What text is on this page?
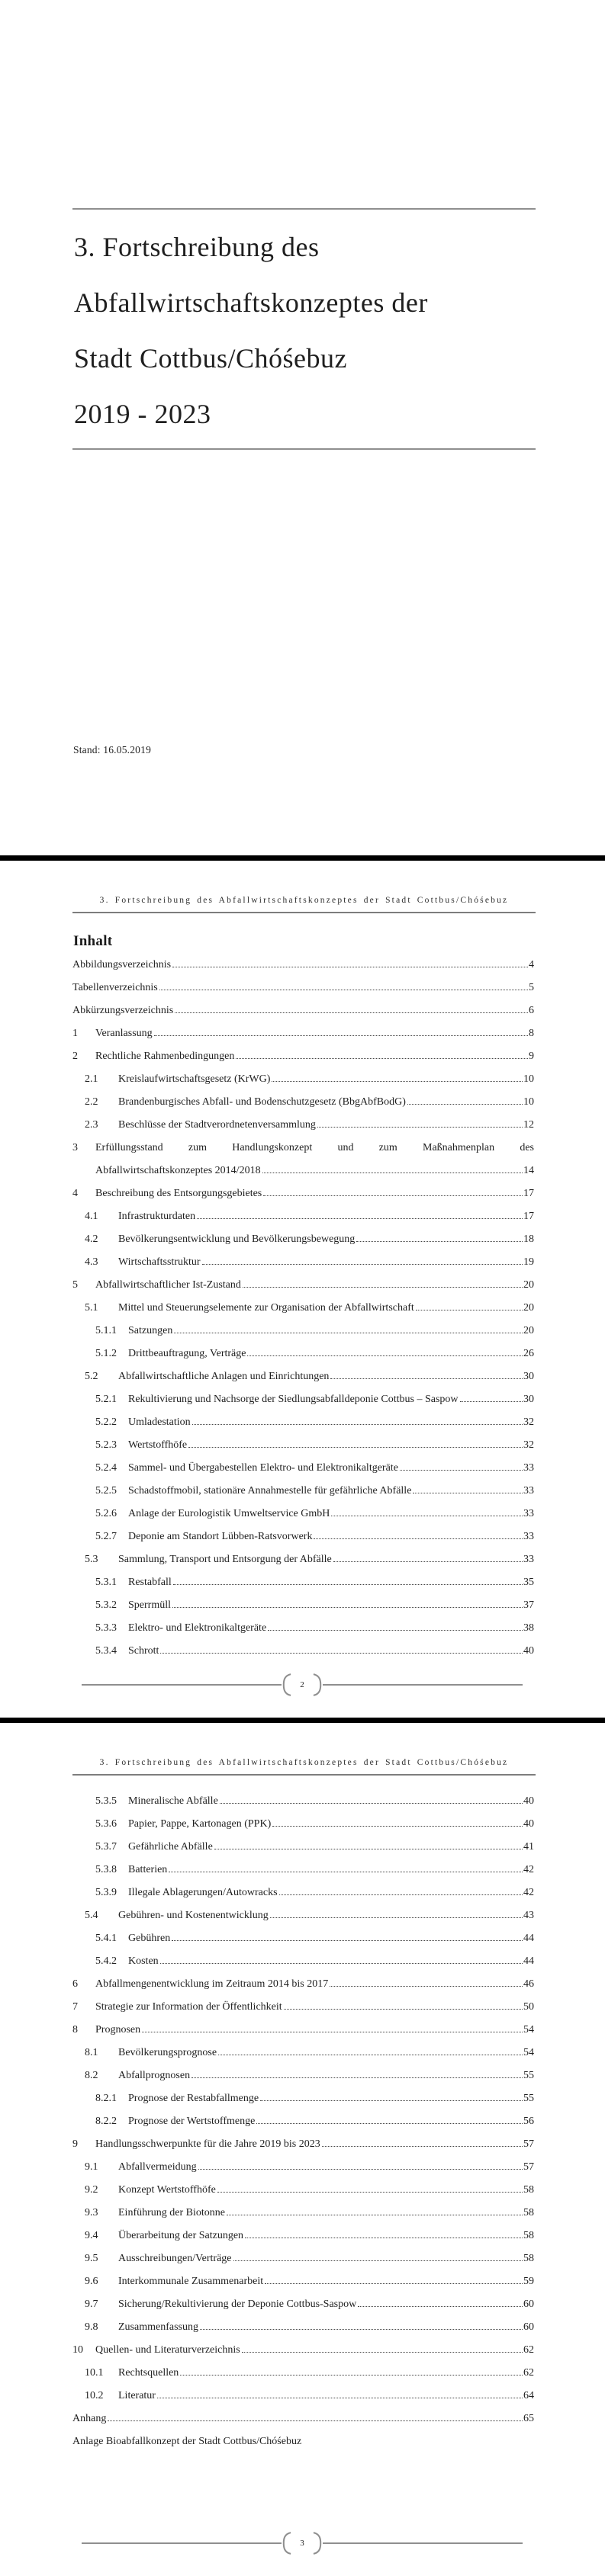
3. Fortschreibung des
Abfallwirtschaftskonzeptes der
Stadt Cottbus/Chóśebuz
2019 - 2023
Stand: 16.05.2019
3. Fortschreibung des Abfallwirtschaftskonzeptes der Stadt Cottbus/Chóśebuz
Inhalt
Abbildungsverzeichnis	4
Tabellenverzeichnis	5
Abkürzungsverzeichnis	6
1	Veranlassung	8
2	Rechtliche Rahmenbedingungen	9
2.1	Kreislaufwirtschaftsgesetz (KrWG)	10
2.2	Brandenburgisches Abfall- und Bodenschutzgesetz (BbgAbfBodG)	10
2.3	Beschlüsse der Stadtverordnetenversammlung	12
3	Erfüllungsstand zum Handlungskonzept und zum Maßnahmenplan des
Abfallwirtschaftskonzeptes 2014/2018	14
4	Beschreibung des Entsorgungsgebietes	17
4.1	Infrastrukturdaten	17
4.2	Bevölkerungsentwicklung und Bevölkerungsbewegung	18
4.3	Wirtschaftsstruktur	19
5	Abfallwirtschaftlicher Ist-Zustand	20
5.1	Mittel und Steuerungselemente zur Organisation der Abfallwirtschaft	20
5.1.1	Satzungen	20
5.1.2	Drittbeauftragung, Verträge	26
5.2	Abfallwirtschaftliche Anlagen und Einrichtungen	30
5.2.1	Rekultivierung und Nachsorge der Siedlungsabfalldeponie Cottbus – Saspow	30
5.2.2	Umladestation	32
5.2.3	Wertstoffhöfe	32
5.2.4	Sammel- und Übergabestellen Elektro- und Elektronikaltgeräte	33
5.2.5	Schadstoffmobil, stationäre Annahmestelle für gefährliche Abfälle	33
5.2.6	Anlage der Eurologistik Umweltservice GmbH	33
5.2.7	Deponie am Standort Lübben-Ratsvorwerk	33
5.3	Sammlung, Transport und Entsorgung der Abfälle	33
5.3.1	Restabfall	35
5.3.2	Sperrmüll	37
5.3.3	Elektro- und Elektronikaltgeräte	38
5.3.4	Schrott	40
2
3. Fortschreibung des Abfallwirtschaftskonzeptes der Stadt Cottbus/Chóśebuz
5.3.5	Mineralische Abfälle	40
5.3.6	Papier, Pappe, Kartonagen (PPK)	40
5.3.7	Gefährliche Abfälle	41
5.3.8	Batterien	42
5.3.9	Illegale Ablagerungen/Autowracks	42
5.4	Gebühren- und Kostenentwicklung	43
5.4.1	Gebühren	44
5.4.2	Kosten	44
6	Abfallmengenentwicklung im Zeitraum 2014 bis 2017	46
7	Strategie zur Information der Öffentlichkeit	50
8	Prognosen	54
8.1	Bevölkerungsprognose	54
8.2	Abfallprognosen	55
8.2.1	Prognose der Restabfallmenge	55
8.2.2	Prognose der Wertstoffmenge	56
9	Handlungsschwerpunkte für die Jahre 2019 bis 2023	57
9.1	Abfallvermeidung	57
9.2	Konzept Wertstoffhöfe	58
9.3	Einführung der Biotonne	58
9.4	Überarbeitung der Satzungen	58
9.5	Ausschreibungen/Verträge	58
9.6	Interkommunale Zusammenarbeit	59
9.7	Sicherung/Rekultivierung der Deponie Cottbus-Saspow	60
9.8	Zusammenfassung	60
10	Quellen- und Literaturverzeichnis	62
10.1	Rechtsquellen	62
10.2	Literatur	64
Anhang	65
Anlage Bioabfallkonzept der Stadt Cottbus/Chóśebuz
3
